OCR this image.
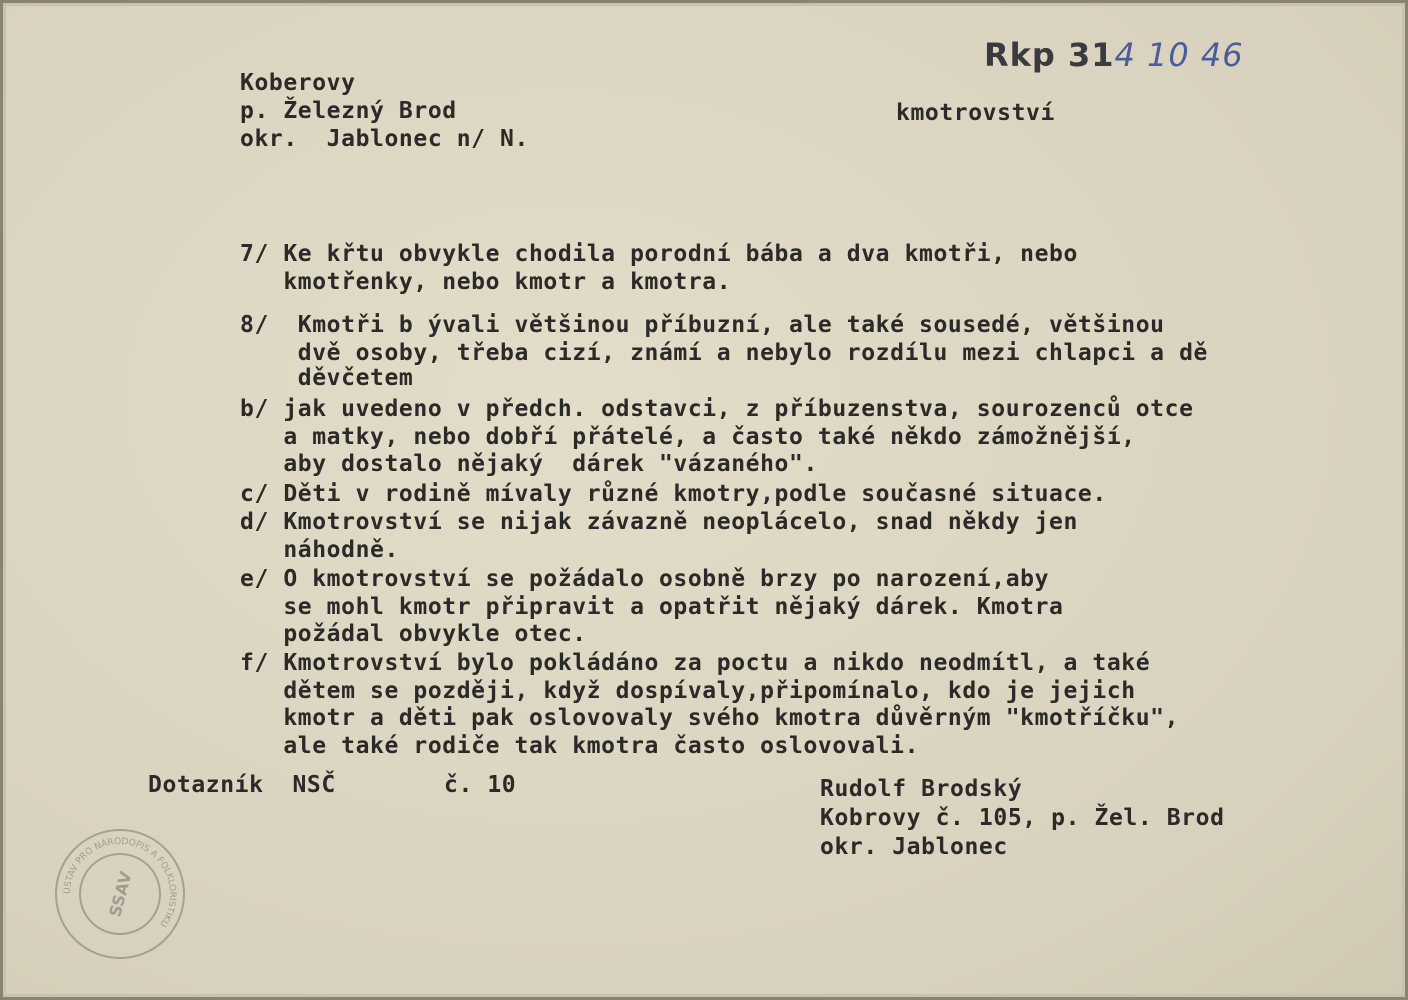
Rkp 314 10 46
Koberovy
p. Železný Brod
okr.  Jablonec n/ N.
kmotrovství
7/ Ke křtu obvykle chodila porodní bába a dva kmotři, nebo
kmotřenky, nebo kmotr a kmotra.
8/  Kmotři b ývali většinou příbuzní, ale také sousedé, většinou
dvě osoby, třeba cizí, známí a nebylo rozdílu mezi chlapci a dě
děvčetem
b/ jak uvedeno v předch. odstavci, z příbuzenstva, sourozenců otce
a matky, nebo dobří přátelé, a často také někdo zámožnější,
aby dostalo nějaký  dárek "vázaného".
c/ Děti v rodině mívaly různé kmotry,podle současné situace.
d/ Kmotrovství se nijak závazně neoplácelo, snad někdy jen
náhodně.
e/ O kmotrovství se požádalo osobně brzy po narození,aby
se mohl kmotr připravit a opatřit nějaký dárek. Kmotra
požádal obvykle otec.
f/ Kmotrovství bylo pokládáno za poctu a nikdo neodmítl, a také
dětem se později, když dospívaly,připomínalo, kdo je jejich
kmotr a děti pak oslovovaly svého kmotra důvěrným "kmotříčku",
ale také rodiče tak kmotra často oslovovali.
Dotazník  NSČ	č. 10	Rudolf Brodský
Kobrovy č. 105, p. Žel. Brod
okr. Jablonec
ÚSTAV PRO NÁRODOPIS A FOLKLORISTIKU
SSAV
